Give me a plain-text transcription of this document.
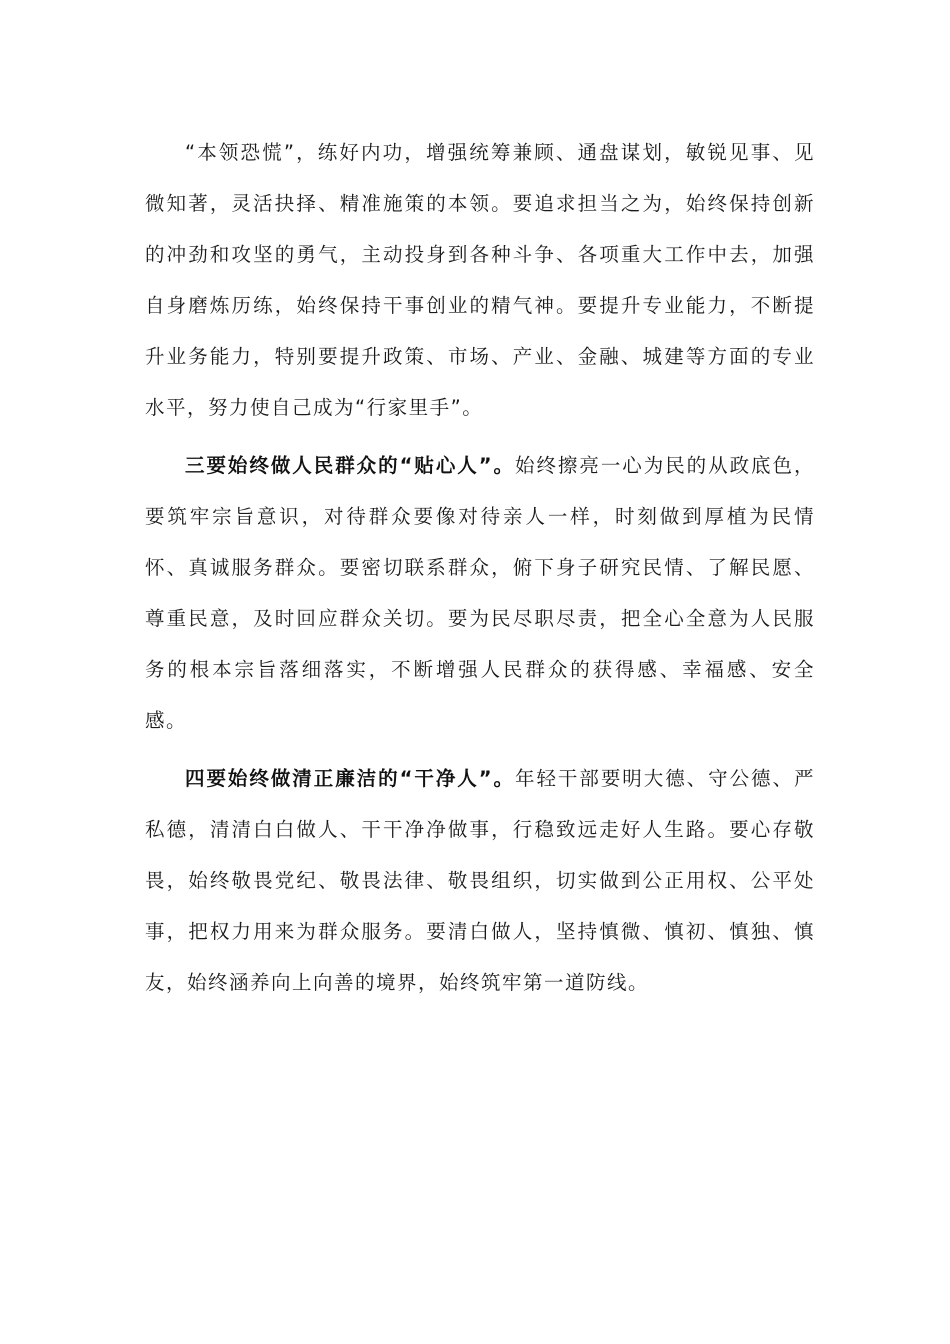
“本领恐慌”，练好内功，增强统筹兼顾、通盘谋划，敏锐见事、见微知著，灵活抉择、精准施策的本领。要追求担当之为，始终保持创新的冲劲和攻坚的勇气，主动投身到各种斗争、各项重大工作中去，加强自身磨炼历练，始终保持干事创业的精气神。要提升专业能力，不断提升业务能力，特别要提升政策、市场、产业、金融、城建等方面的专业水平，努力使自己成为“行家里手”。

三要始终做人民群众的“贴心人”。始终擦亮一心为民的从政底色，要筑牢宗旨意识，对待群众要像对待亲人一样，时刻做到厚植为民情怀、真诚服务群众。要密切联系群众，俯下身子研究民情、了解民愿、尊重民意，及时回应群众关切。要为民尽职尽责，把全心全意为人民服务的根本宗旨落细落实，不断增强人民群众的获得感、幸福感、安全感。

四要始终做清正廉洁的“干净人”。年轻干部要明大德、守公德、严私德，清清白白做人、干干净净做事，行稳致远走好人生路。要心存敬畏，始终敬畏党纪、敬畏法律、敬畏组织，切实做到公正用权、公平处事，把权力用来为群众服务。要清白做人，坚持慎微、慎初、慎独、慎友，始终涵养向上向善的境界，始终筑牢第一道防线。
